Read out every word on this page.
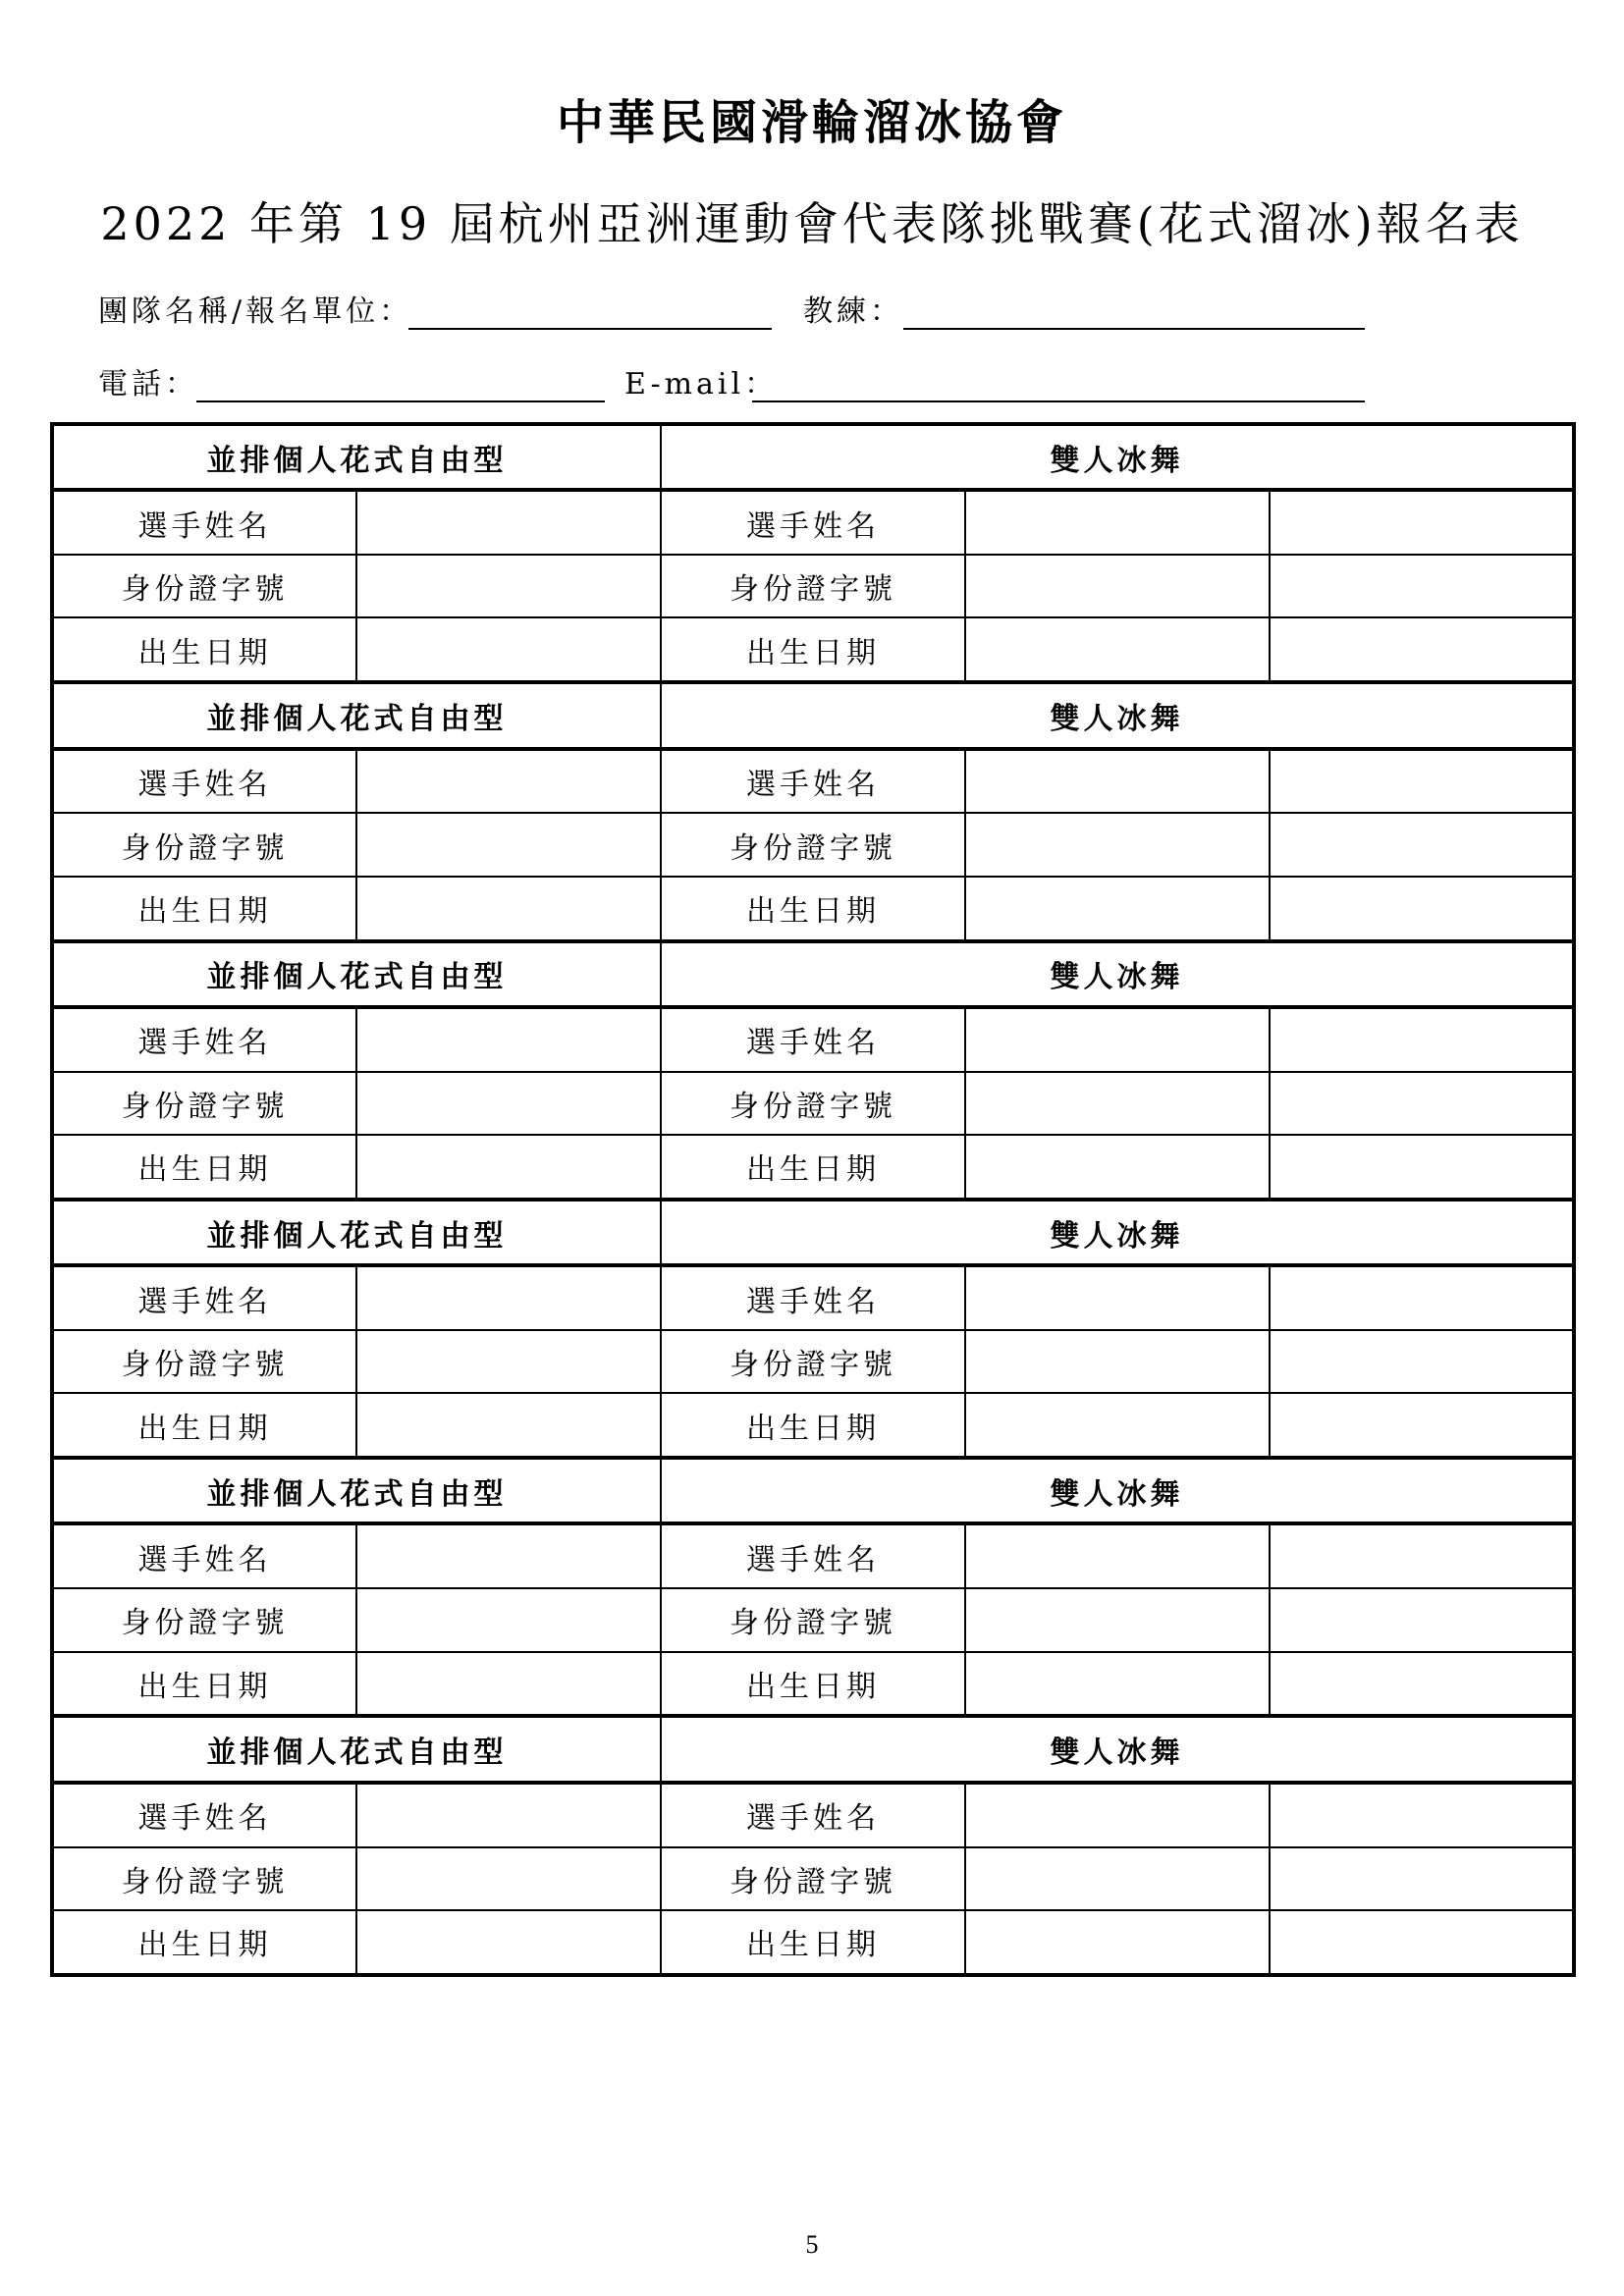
中華民國滑輪溜冰協會
2022 年第 19 屆杭州亞洲運動會代表隊挑戰賽(花式溜冰)報名表
團隊名稱/報名單位：	教練：
電話：	E-mail：
並排個人花式自由型		雙人冰舞		
選手姓名		選手姓名		
身份證字號		身份證字號		
出生日期		出生日期		
並排個人花式自由型		雙人冰舞		
選手姓名		選手姓名		
身份證字號		身份證字號		
出生日期		出生日期		
並排個人花式自由型		雙人冰舞		
選手姓名		選手姓名		
身份證字號		身份證字號		
出生日期		出生日期		
並排個人花式自由型		雙人冰舞		
選手姓名		選手姓名		
身份證字號		身份證字號		
出生日期		出生日期		
並排個人花式自由型		雙人冰舞		
選手姓名		選手姓名		
身份證字號		身份證字號		
出生日期		出生日期		
並排個人花式自由型		雙人冰舞		
選手姓名		選手姓名		
身份證字號		身份證字號		
出生日期		出生日期		
5
